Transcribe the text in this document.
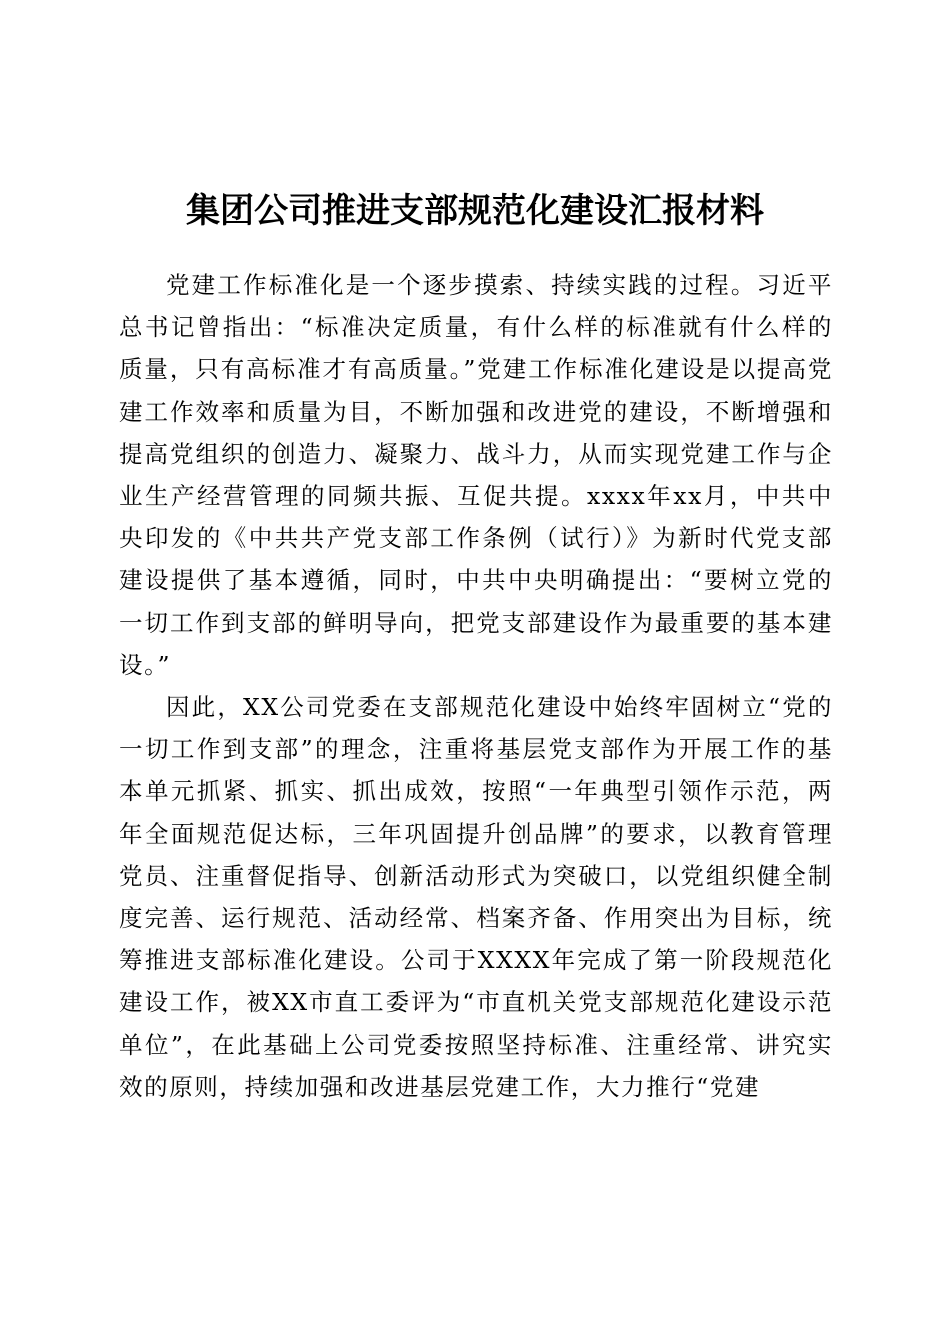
集团公司推进支部规范化建设汇报材料

党建工作标准化是一个逐步摸索、持续实践的过程。习近平总书记曾指出：“标准决定质量，有什么样的标准就有什么样的质量，只有高标准才有高质量。”党建工作标准化建设是以提高党建工作效率和质量为目，不断加强和改进党的建设，不断增强和提高党组织的创造力、凝聚力、战斗力，从而实现党建工作与企业生产经营管理的同频共振、互促共提。xxxx年xx月，中共中央印发的《中共共产党支部工作条例（试行）》为新时代党支部建设提供了基本遵循，同时，中共中央明确提出：“要树立党的一切工作到支部的鲜明导向，把党支部建设作为最重要的基本建设。”

因此，XX公司党委在支部规范化建设中始终牢固树立“党的一切工作到支部”的理念，注重将基层党支部作为开展工作的基本单元抓紧、抓实、抓出成效，按照“一年典型引领作示范，两年全面规范促达标，三年巩固提升创品牌”的要求，以教育管理党员、注重督促指导、创新活动形式为突破口，以党组织健全制度完善、运行规范、活动经常、档案齐备、作用突出为目标，统筹推进支部标准化建设。公司于XXXX年完成了第一阶段规范化建设工作，被XX市直工委评为“市直机关党支部规范化建设示范单位”，在此基础上公司党委按照坚持标准、注重经常、讲究实效的原则，持续加强和改进基层党建工作，大力推行“党建
